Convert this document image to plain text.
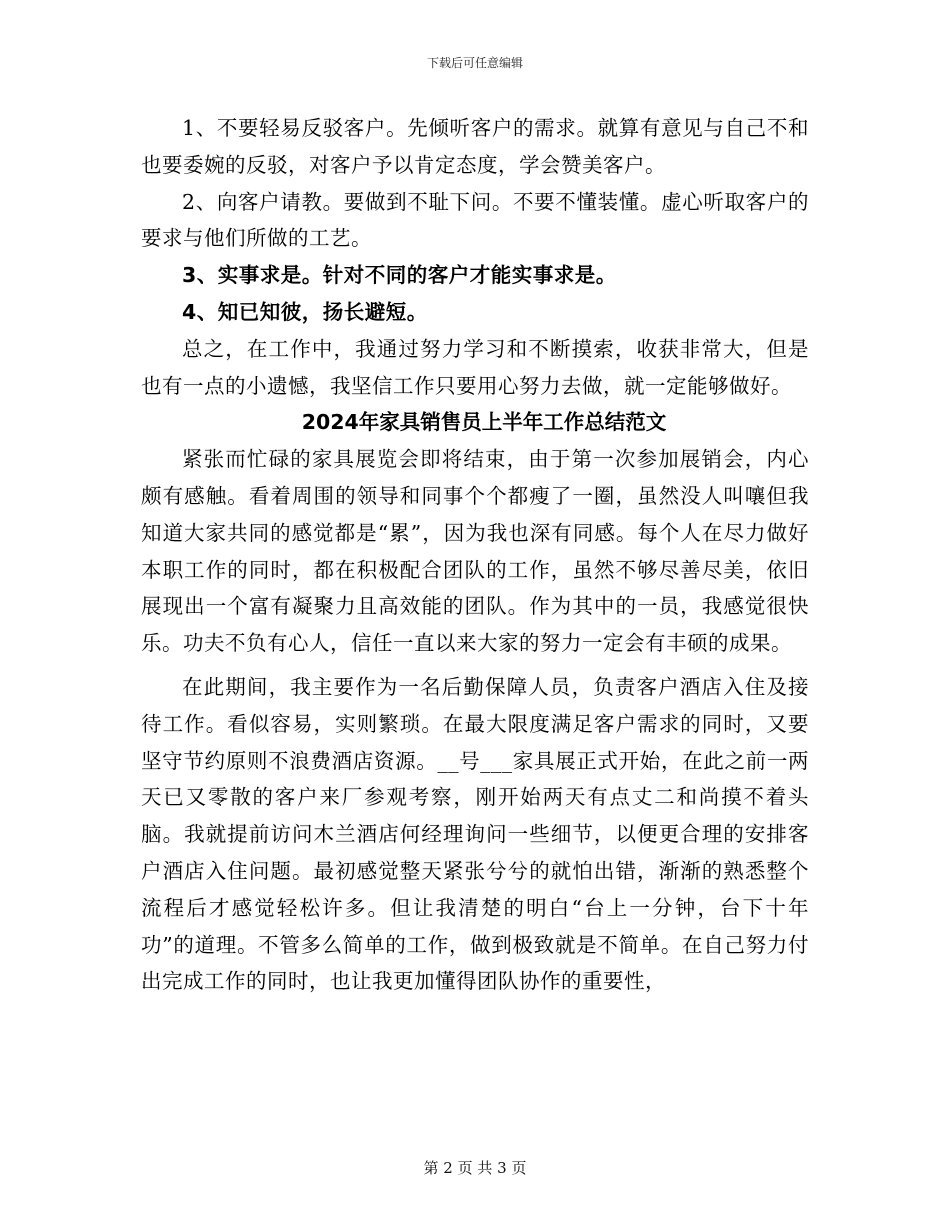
下载后可任意编辑

1、不要轻易反驳客户。先倾听客户的需求。就算有意见与自己不和也要委婉的反驳，对客户予以肯定态度，学会赞美客户。

2、向客户请教。要做到不耻下问。不要不懂装懂。虚心听取客户的要求与他们所做的工艺。

3、实事求是。针对不同的客户才能实事求是。

4、知已知彼，扬长避短。

总之，在工作中，我通过努力学习和不断摸索，收获非常大，但是也有一点的小遗憾，我坚信工作只要用心努力去做，就一定能够做好。

2024年家具销售员上半年工作总结范文

紧张而忙碌的家具展览会即将结束，由于第一次参加展销会，内心颇有感触。看着周围的领导和同事个个都瘦了一圈，虽然没人叫嚷但我知道大家共同的感觉都是“累”，因为我也深有同感。每个人在尽力做好本职工作的同时，都在积极配合团队的工作，虽然不够尽善尽美，依旧展现出一个富有凝聚力且高效能的团队。作为其中的一员，我感觉很快乐。功夫不负有心人，信任一直以来大家的努力一定会有丰硕的成果。

在此期间，我主要作为一名后勤保障人员，负责客户酒店入住及接待工作。看似容易，实则繁琐。在最大限度满足客户需求的同时，又要坚守节约原则不浪费酒店资源。__号___家具展正式开始，在此之前一两天已又零散的客户来厂参观考察，刚开始两天有点丈二和尚摸不着头脑。我就提前访问木兰酒店何经理询问一些细节，以便更合理的安排客户酒店入住问题。最初感觉整天紧张兮兮的就怕出错，渐渐的熟悉整个流程后才感觉轻松许多。但让我清楚的明白“台上一分钟，台下十年功”的道理。不管多么简单的工作，做到极致就是不简单。在自己努力付出完成工作的同时，也让我更加懂得团队协作的重要性，

第 2 页 共 3 页
